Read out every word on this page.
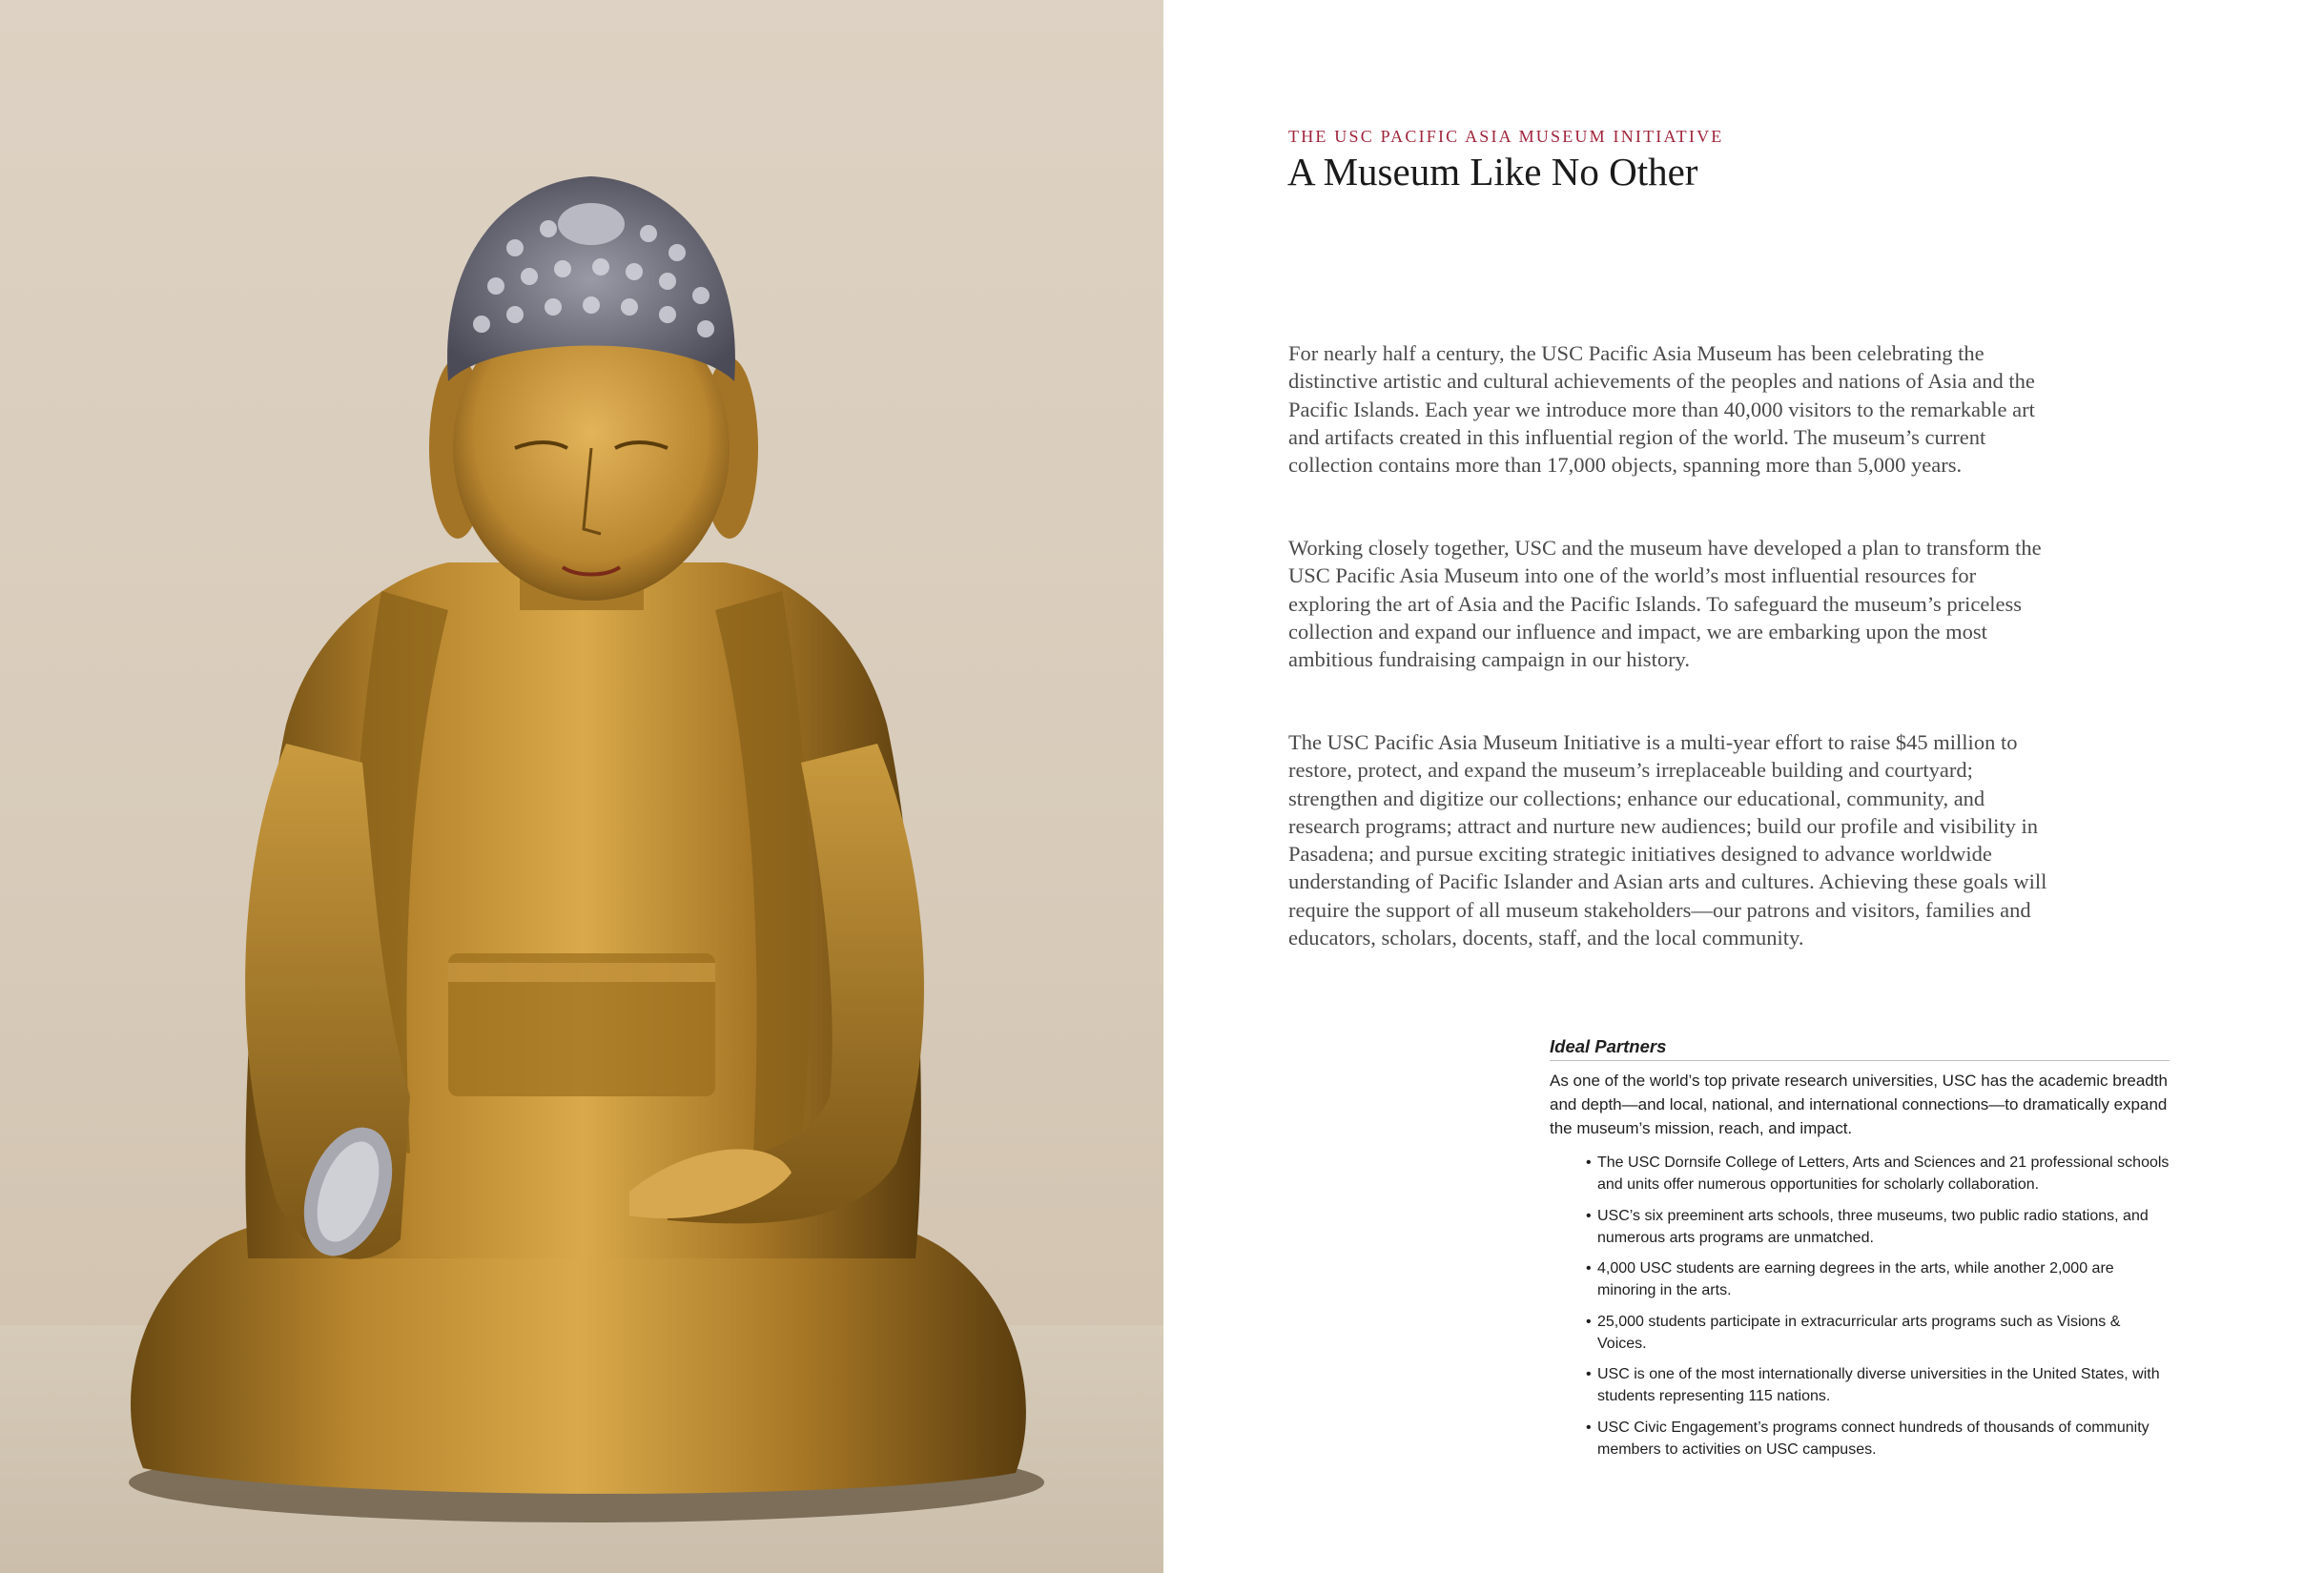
THE USC PACIFIC ASIA MUSEUM INITIATIVE
A Museum Like No Other

For nearly half a century, the USC Pacific Asia Museum has been celebrating the distinctive artistic and cultural achievements of the peoples and nations of Asia and the Pacific Islands. Each year we introduce more than 40,000 visitors to the remarkable art and artifacts created in this influential region of the world. The museum’s current collection contains more than 17,000 objects, spanning more than 5,000 years.

Working closely together, USC and the museum have developed a plan to transform the USC Pacific Asia Museum into one of the world’s most influential resources for exploring the art of Asia and the Pacific Islands. To safeguard the museum’s priceless collection and expand our influence and impact, we are embarking upon the most ambitious fundraising campaign in our history.

The USC Pacific Asia Museum Initiative is a multi-year effort to raise $45 million to restore, protect, and expand the museum’s irreplaceable building and courtyard; strengthen and digitize our collections; enhance our educational, community, and research programs; attract and nurture new audiences; build our profile and visibility in Pasadena; and pursue exciting strategic initiatives designed to advance worldwide understanding of Pacific Islander and Asian arts and cultures. Achieving these goals will require the support of all museum stakeholders—our patrons and visitors, families and educators, scholars, docents, staff, and the local community.

Ideal Partners

As one of the world’s top private research universities, USC has the academic breadth and depth—and local, national, and international connections—to dramatically expand the museum’s mission, reach, and impact.

• The USC Dornsife College of Letters, Arts and Sciences and 21 professional schools and units offer numerous opportunities for scholarly collaboration.
• USC’s six preeminent arts schools, three museums, two public radio stations, and numerous arts programs are unmatched.
• 4,000 USC students are earning degrees in the arts, while another 2,000 are minoring in the arts.
• 25,000 students participate in extracurricular arts programs such as Visions & Voices.
• USC is one of the most internationally diverse universities in the United States, with students representing 115 nations.
• USC Civic Engagement’s programs connect hundreds of thousands of community members to activities on USC campuses.
